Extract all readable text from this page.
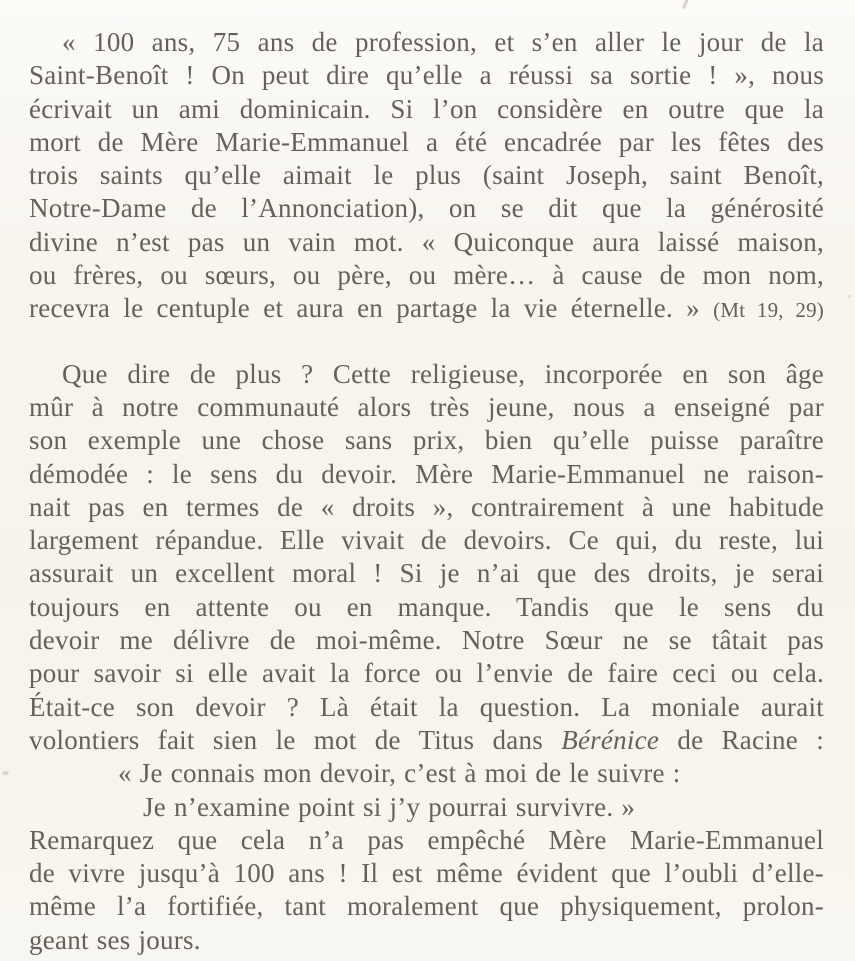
« 100 ans, 75 ans de profession, et s’en aller le jour de la
Saint-Benoît ! On peut dire qu’elle a réussi sa sortie ! », nous
écrivait un ami dominicain. Si l’on considère en outre que la
mort de Mère Marie-Emmanuel a été encadrée par les fêtes des
trois saints qu’elle aimait le plus (saint Joseph, saint Benoît,
Notre-Dame de l’Annonciation), on se dit que la générosité
divine n’est pas un vain mot. « Quiconque aura laissé maison,
ou frères, ou sœurs, ou père, ou mère… à cause de mon nom,
recevra le centuple et aura en partage la vie éternelle. » (Mt 19, 29)
Que dire de plus ? Cette religieuse, incorporée en son âge
mûr à notre communauté alors très jeune, nous a enseigné par
son exemple une chose sans prix, bien qu’elle puisse paraître
démodée : le sens du devoir. Mère Marie-Emmanuel ne raison-
nait pas en termes de « droits », contrairement à une habitude
largement répandue. Elle vivait de devoirs. Ce qui, du reste, lui
assurait un excellent moral ! Si je n’ai que des droits, je serai
toujours en attente ou en manque. Tandis que le sens du
devoir me délivre de moi-même. Notre Sœur ne se tâtait pas
pour savoir si elle avait la force ou l’envie de faire ceci ou cela.
Était-ce son devoir ? Là était la question. La moniale aurait
volontiers fait sien le mot de Titus dans Bérénice de Racine :
« Je connais mon devoir, c’est à moi de le suivre :
Je n’examine point si j’y pourrai survivre. »
Remarquez que cela n’a pas empêché Mère Marie-Emmanuel
de vivre jusqu’à 100 ans ! Il est même évident que l’oubli d’elle-
même l’a fortifiée, tant moralement que physiquement, prolon-
geant ses jours.
